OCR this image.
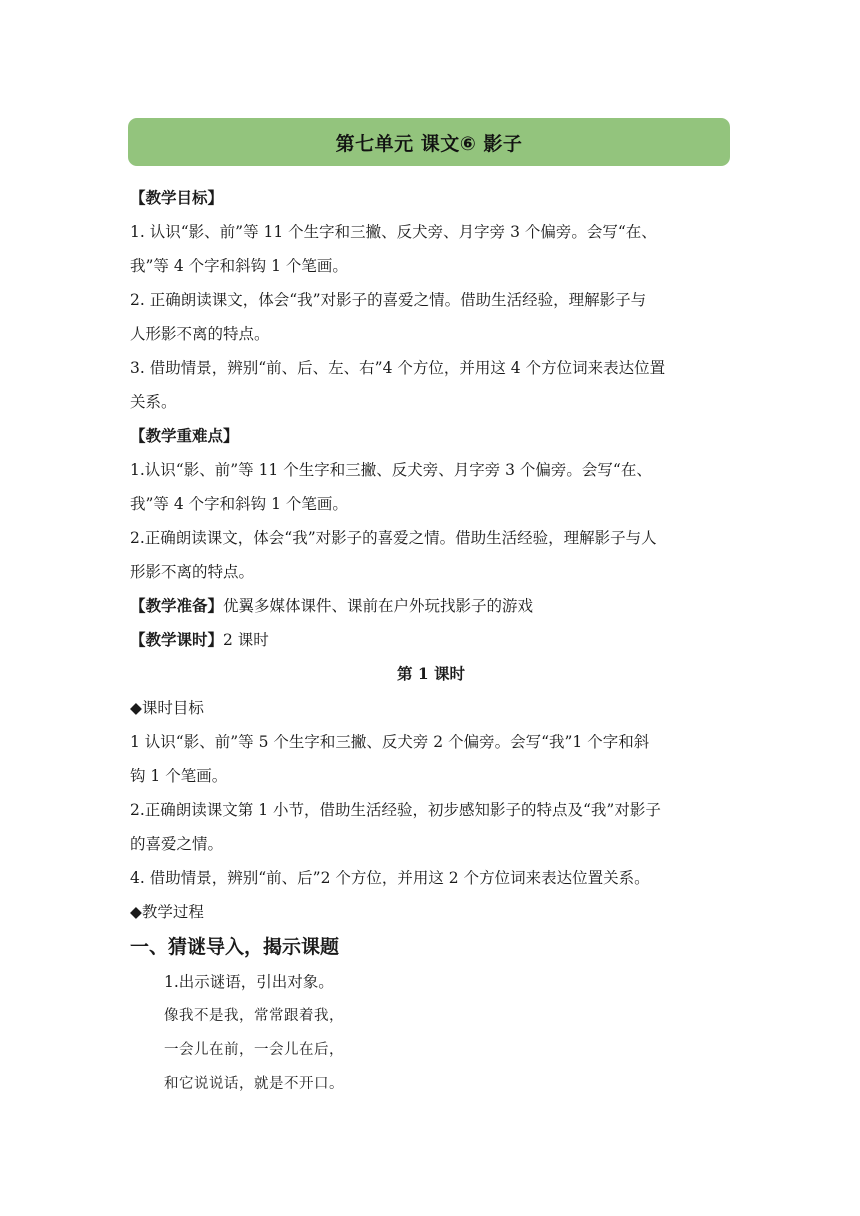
第七单元 课文⑥ 影子
【教学目标】
1. 认识“影、前”等 11 个生字和三撇、反犬旁、月字旁 3 个偏旁。会写“在、
我”等 4 个字和斜钩 1 个笔画。
2. 正确朗读课文，体会“我”对影子的喜爱之情。借助生活经验，理解影子与
人形影不离的特点。
3. 借助情景，辨别“前、后、左、右”4 个方位，并用这 4 个方位词来表达位置
关系。
【教学重难点】
1.认识“影、前”等 11 个生字和三撇、反犬旁、月字旁 3 个偏旁。会写“在、
我”等 4 个字和斜钩 1 个笔画。
2.正确朗读课文，体会“我”对影子的喜爱之情。借助生活经验，理解影子与人
形影不离的特点。
【教学准备】优翼多媒体课件、课前在户外玩找影子的游戏
【教学课时】2 课时
第 1 课时
◆课时目标
1 认识“影、前”等 5 个生字和三撇、反犬旁 2 个偏旁。会写“我”1 个字和斜
钩 1 个笔画。
2.正确朗读课文第 1 小节，借助生活经验，初步感知影子的特点及“我”对影子
的喜爱之情。
4. 借助情景，辨别“前、后”2 个方位，并用这 2 个方位词来表达位置关系。
◆教学过程
一、猜谜导入，揭示课题
1.出示谜语，引出对象。
像我不是我，常常跟着我，
一会儿在前，一会儿在后，
和它说说话，就是不开口。
